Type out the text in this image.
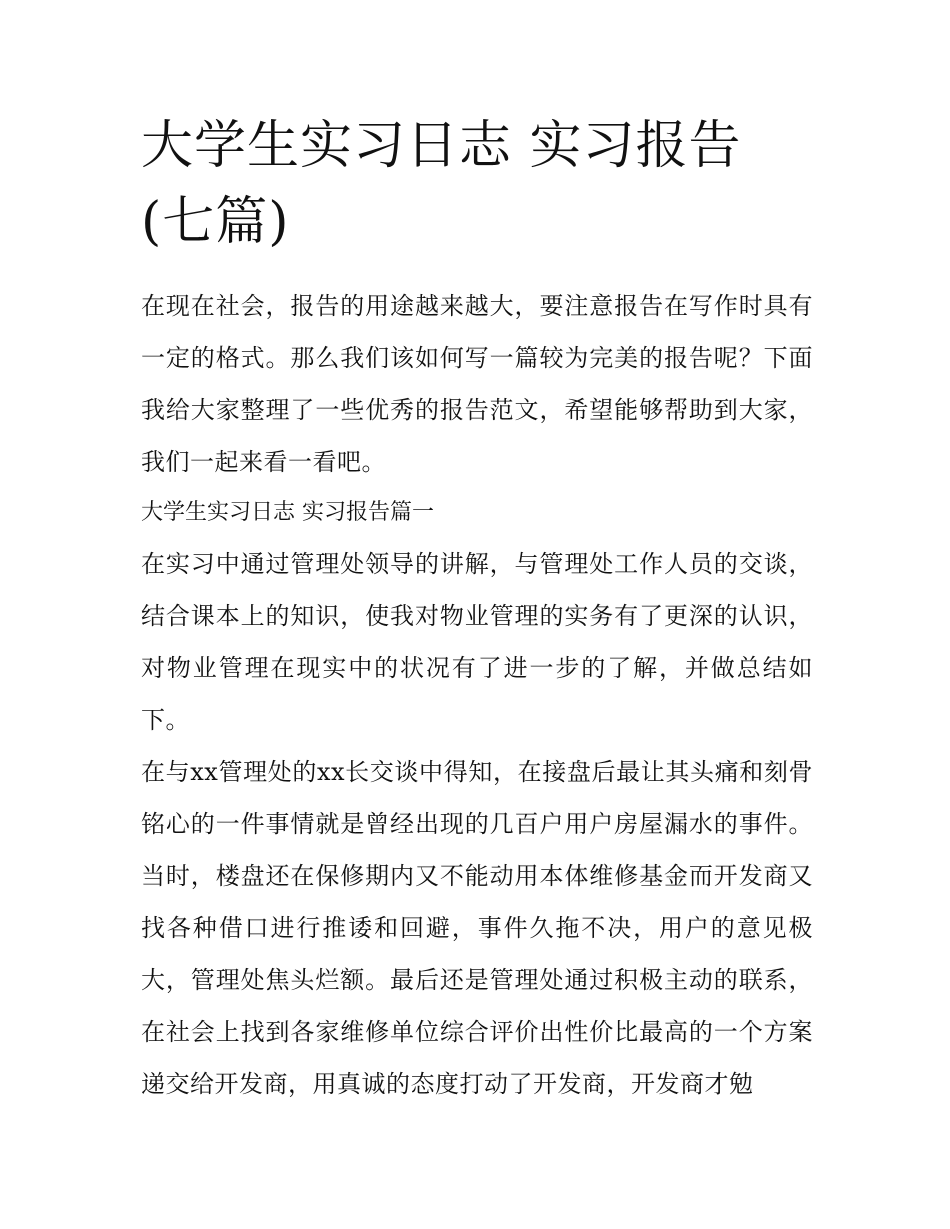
大学生实习日志 实习报告(七篇)

在现在社会，报告的用途越来越大，要注意报告在写作时具有一定的格式。那么我们该如何写一篇较为完美的报告呢？下面我给大家整理了一些优秀的报告范文，希望能够帮助到大家，我们一起来看一看吧。

大学生实习日志 实习报告篇一

在实习中通过管理处领导的讲解，与管理处工作人员的交谈，结合课本上的知识，使我对物业管理的实务有了更深的认识，对物业管理在现实中的状况有了进一步的了解，并做总结如下。

在与xx管理处的xx长交谈中得知，在接盘后最让其头痛和刻骨铭心的一件事情就是曾经出现的几百户用户房屋漏水的事件。当时，楼盘还在保修期内又不能动用本体维修基金而开发商又找各种借口进行推诿和回避，事件久拖不决，用户的意见极大，管理处焦头烂额。最后还是管理处通过积极主动的联系，在社会上找到各家维修单位综合评价出性价比最高的一个方案递交给开发商，用真诚的态度打动了开发商，开发商才勉
